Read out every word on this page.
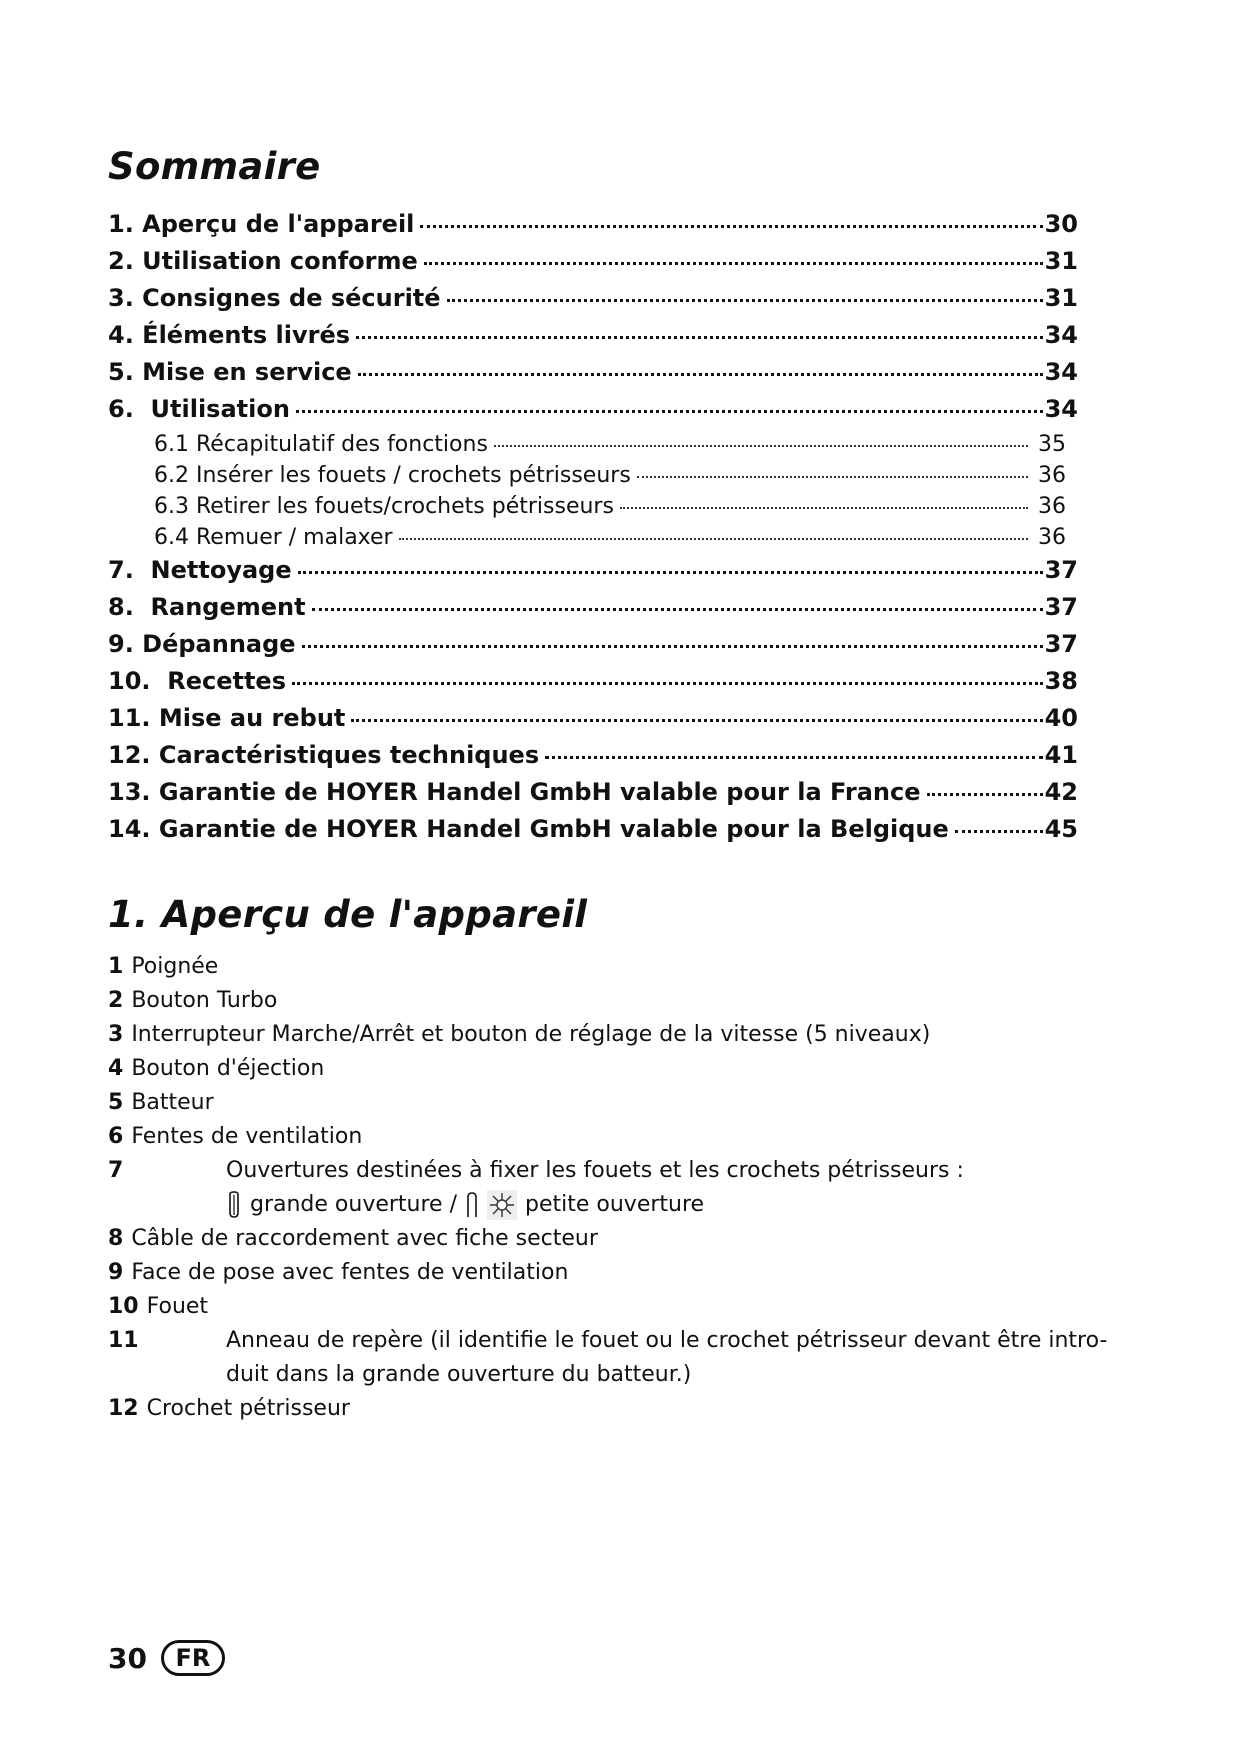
Sommaire
1. Aperçu de l'appareil	30
2. Utilisation conforme	31
3. Consignes de sécurité	31
4. Éléments livrés	34
5. Mise en service	34
6.  Utilisation	34
6.1 Récapitulatif des fonctions	35
6.2 Insérer les fouets / crochets pétrisseurs	36
6.3 Retirer les fouets/crochets pétrisseurs	36
6.4 Remuer / malaxer	36
7.  Nettoyage	37
8.  Rangement	37
9. Dépannage	37
10.  Recettes	38
11. Mise au rebut	40
12. Caractéristiques techniques	41
13. Garantie de HOYER Handel GmbH valable pour la France	42
14. Garantie de HOYER Handel GmbH valable pour la Belgique	45
1. Aperçu de l'appareil
1 Poignée
2 Bouton Turbo
3 Interrupteur Marche/Arrêt et bouton de réglage de la vitesse (5 niveaux)
4 Bouton d'éjection
5 Batteur
6 Fentes de ventilation
7	Ouvertures destinées à fixer les fouets et les crochets pétrisseurs :
grande ouverture /	petite ouverture
8 Câble de raccordement avec fiche secteur
9 Face de pose avec fentes de ventilation
10 Fouet
11	Anneau de repère (il identifie le fouet ou le crochet pétrisseur devant être intro-duit dans la grande ouverture du batteur.)
12 Crochet pétrisseur
30	FR
